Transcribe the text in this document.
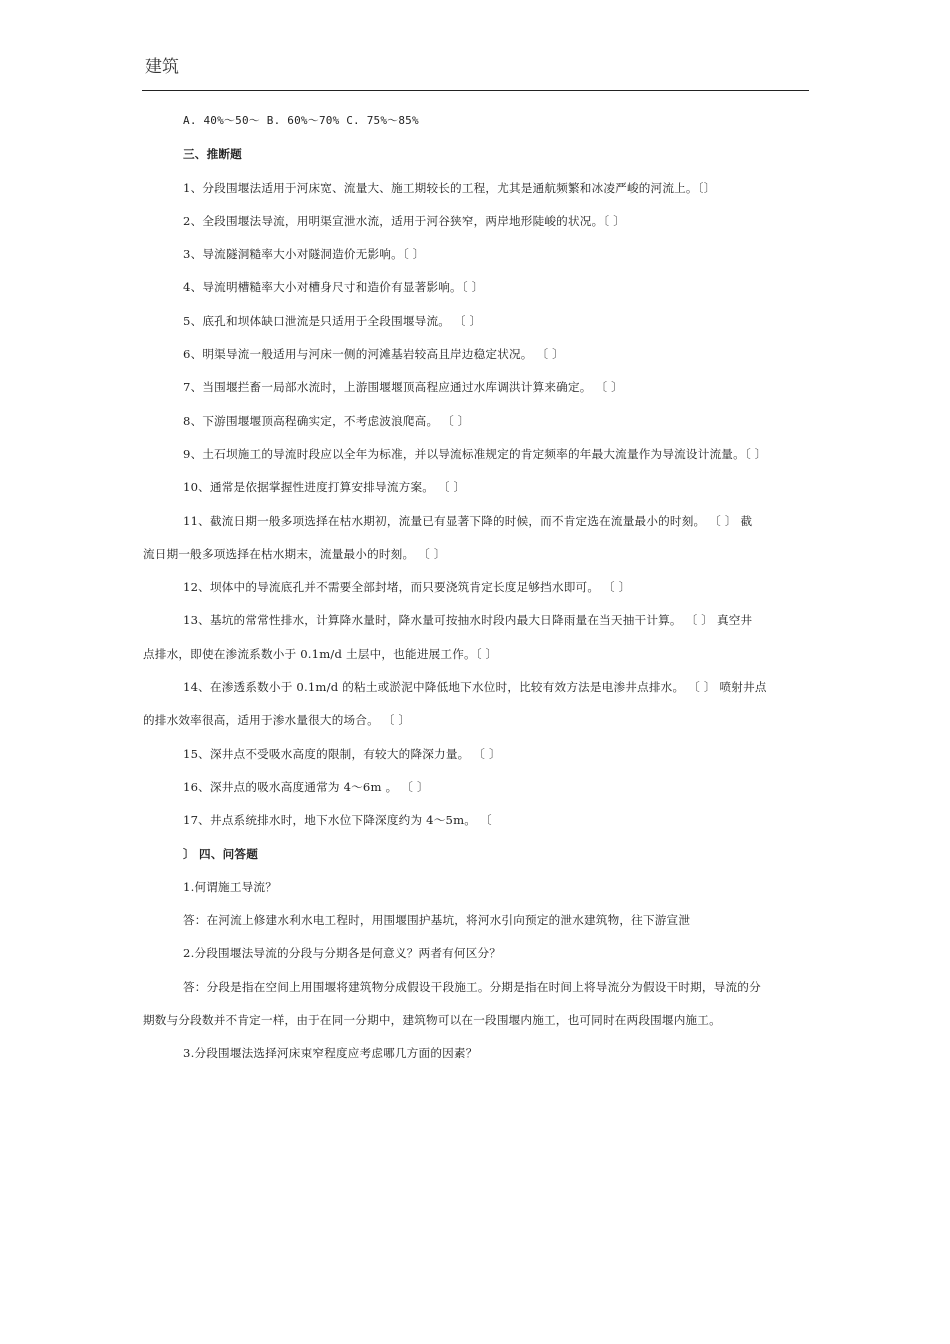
建筑
A. 40%～50～ B. 60%～70% C. 75%～85%
三、推断题
1、分段围堰法适用于河床宽、流量大、施工期较长的工程，尤其是通航频繁和冰凌严峻的河流上。〔〕
2、全段围堰法导流，用明渠宣泄水流，适用于河谷狭窄，两岸地形陡峻的状况。〔 〕
3、导流隧洞糙率大小对隧洞造价无影响。〔 〕
4、导流明槽糙率大小对槽身尺寸和造价有显著影响。〔 〕
5、底孔和坝体缺口泄流是只适用于全段围堰导流。 〔 〕
6、明渠导流一般适用与河床一侧的河滩基岩较高且岸边稳定状况。 〔 〕
7、当围堰拦畜一局部水流时，上游围堰堰顶高程应通过水库调洪计算来确定。 〔 〕
8、下游围堰堰顶高程确实定，不考虑波浪爬高。 〔 〕
9、土石坝施工的导流时段应以全年为标准，并以导流标准规定的肯定频率的年最大流量作为导流设计流量。〔 〕
10、通常是依据掌握性进度打算安排导流方案。 〔 〕
11、截流日期一般多项选择在枯水期初，流量已有显著下降的时候，而不肯定选在流量最小的时刻。 〔 〕 截
流日期一般多项选择在枯水期末，流量最小的时刻。 〔 〕
12、坝体中的导流底孔并不需要全部封堵，而只要浇筑肯定长度足够挡水即可。 〔 〕
13、基坑的常常性排水，计算降水量时，降水量可按抽水时段内最大日降雨量在当天抽干计算。 〔 〕 真空井
点排水，即使在渗流系数小于 0.1m/d 土层中，也能进展工作。〔 〕
14、在渗透系数小于 0.1m/d 的粘土或淤泥中降低地下水位时，比较有效方法是电渗井点排水。 〔 〕 喷射井点
的排水效率很高，适用于渗水量很大的场合。 〔 〕
15、深井点不受吸水高度的限制，有较大的降深力量。 〔 〕
16、深井点的吸水高度通常为 4～6m 。 〔 〕
17、井点系统排水时，地下水位下降深度约为 4～5m。 〔
〕 四、问答题
1.何谓施工导流？
答：在河流上修建水利水电工程时，用围堰围护基坑，将河水引向预定的泄水建筑物，往下游宣泄
2.分段围堰法导流的分段与分期各是何意义？两者有何区分？
答：分段是指在空间上用围堰将建筑物分成假设干段施工。分期是指在时间上将导流分为假设干时期，导流的分
期数与分段数并不肯定一样，由于在同一分期中，建筑物可以在一段围堰内施工，也可同时在两段围堰内施工。
3.分段围堰法选择河床束窄程度应考虑哪几方面的因素？
